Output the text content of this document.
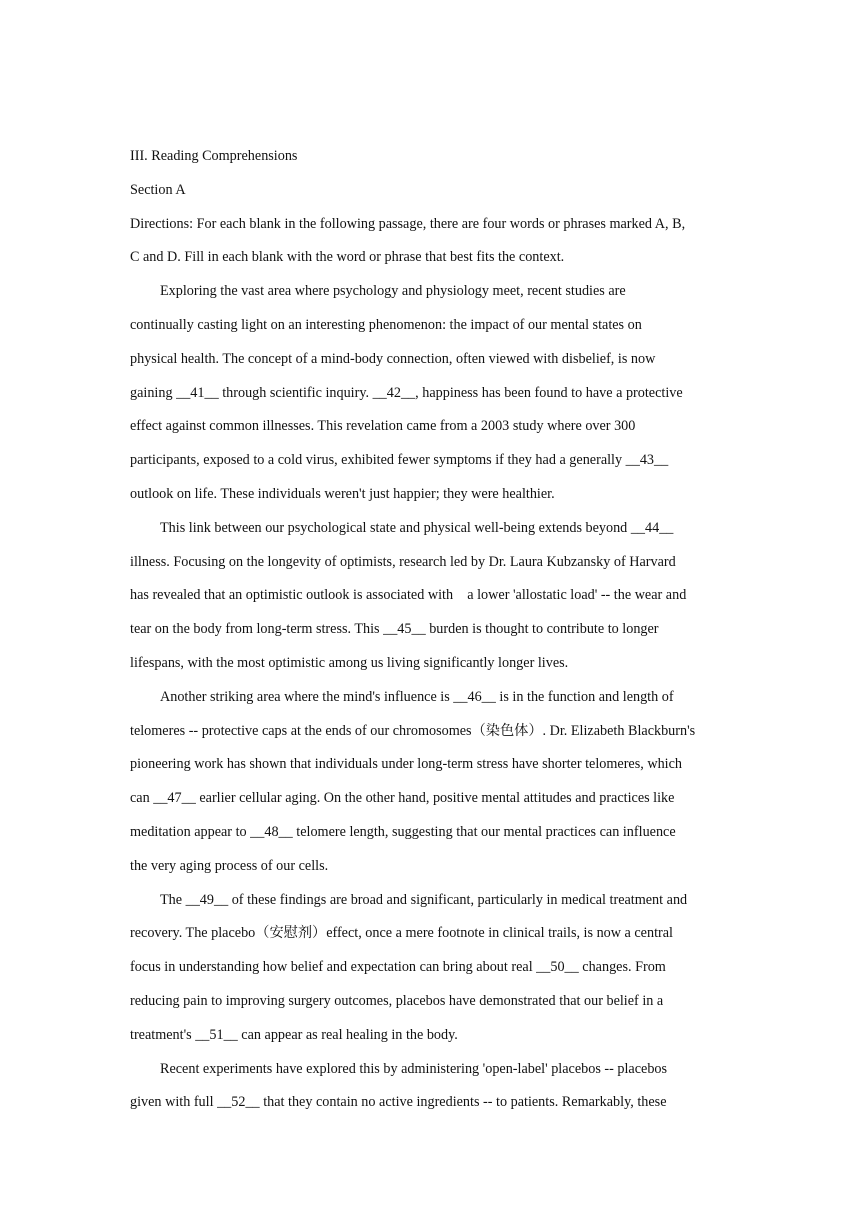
III. Reading Comprehensions
Section A
Directions: For each blank in the following passage, there are four words or phrases marked A, B,
C and D. Fill in each blank with the word or phrase that best fits the context.
Exploring the vast area where psychology and physiology meet, recent studies are
continually casting light on an interesting phenomenon: the impact of our mental states on
physical health. The concept of a mind-body connection, often viewed with disbelief, is now
gaining __41__ through scientific inquiry. __42__, happiness has been found to have a protective
effect against common illnesses. This revelation came from a 2003 study where over 300
participants, exposed to a cold virus, exhibited fewer symptoms if they had a generally __43__
outlook on life. These individuals weren't just happier; they were healthier.
This link between our psychological state and physical well-being extends beyond __44__
illness. Focusing on the longevity of optimists, research led by Dr. Laura Kubzansky of Harvard
has revealed that an optimistic outlook is associated with    a lower 'allostatic load' -- the wear and
tear on the body from long-term stress. This __45__ burden is thought to contribute to longer
lifespans, with the most optimistic among us living significantly longer lives.
Another striking area where the mind's influence is __46__ is in the function and length of
telomeres -- protective caps at the ends of our chromosomes（染色体）. Dr. Elizabeth Blackburn's
pioneering work has shown that individuals under long-term stress have shorter telomeres, which
can __47__ earlier cellular aging. On the other hand, positive mental attitudes and practices like
meditation appear to __48__ telomere length, suggesting that our mental practices can influence
the very aging process of our cells.
The __49__ of these findings are broad and significant, particularly in medical treatment and
recovery. The placebo（安慰剂）effect, once a mere footnote in clinical trails, is now a central
focus in understanding how belief and expectation can bring about real __50__ changes. From
reducing pain to improving surgery outcomes, placebos have demonstrated that our belief in a
treatment's __51__ can appear as real healing in the body.
Recent experiments have explored this by administering 'open-label' placebos -- placebos
given with full __52__ that they contain no active ingredients -- to patients. Remarkably, these
